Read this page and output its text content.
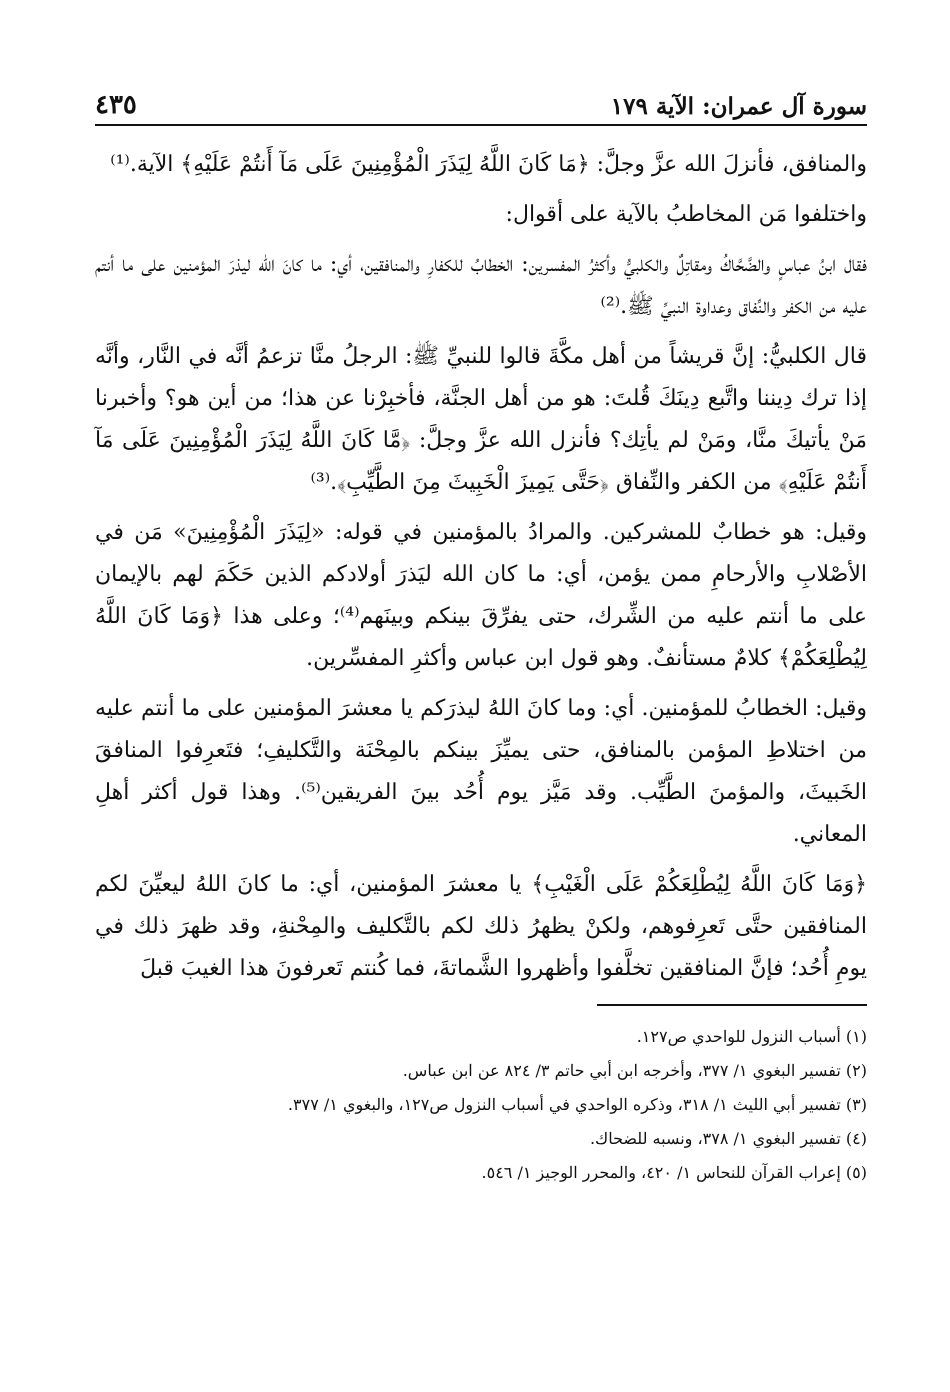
سورة آل عمران: الآية ١٧٩
٤٣٥

والمنافق، فأنزلَ الله عزَّ وجلَّ: ﴿مَا كَانَ اللَّهُ لِيَذَرَ الْمُؤْمِنِينَ عَلَى مَآ أَنتُمْ عَلَيْهِ﴾ الآية.⁽¹⁾

واختلفوا مَن المخاطبُ بالآية على أقوال:

فقال ابنُ عباسٍ والضَّحَّاكُ ومقاتِلٌ والكلبيُّ وأكثرُ المفسرين: الخطابُ للكفارِ والمنافقين، أي: ما كانَ الله ليذرَ المؤمنين على ما أنتم عليه من الكفر والنِّفاق وعداوة النبيِّ ﷺ.⁽²⁾

قال الكلبيُّ: إنَّ قريشاً من أهل مكَّةَ قالوا للنبيِّ ﷺ: الرجلُ منَّا تزعمُ أنَّه في النَّار، وأنَّه إذا ترك دِيننا واتَّبع دِينَكَ قُلتَ: هو من أهل الجنَّة، فأخبِرْنا عن هذا؛ من أين هو؟ وأخبرنا مَنْ يأتيكَ منَّا، ومَنْ لم يأتِك؟ فأنزل الله عزَّ وجلَّ: ﴿مَّا كَانَ اللَّهُ لِيَذَرَ الْمُؤْمِنِينَ عَلَى مَآ أَنتُمْ عَلَيْهِ﴾ من الكفر والنِّفاق ﴿حَتَّى يَمِيزَ الْخَبِيثَ مِنَ الطَّيِّبِ﴾.⁽³⁾

وقيل: هو خطابٌ للمشركين. والمرادُ بالمؤمنين في قوله: «لِيَذَرَ الْمُؤْمِنِينَ» مَن في الأصْلابِ والأرحامِ ممن يؤمن، أي: ما كان الله ليَذرَ أولادكم الذين حَكَمَ لهم بالإيمان على ما أنتم عليه من الشِّرك، حتى يفرِّقَ بينكم وبينَهم⁽⁴⁾؛ وعلى هذا ﴿وَمَا كَانَ اللَّهُ لِيُطْلِعَكُمْ﴾ كلامٌ مستأنفٌ. وهو قول ابن عباس وأكثرِ المفسِّرين.

وقيل: الخطابُ للمؤمنين. أي: وما كانَ اللهُ ليذرَكم يا معشرَ المؤمنين على ما أنتم عليه من اختلاطِ المؤمن بالمنافق، حتى يميِّزَ بينكم بالمِحْنَة والتَّكليفِ؛ فتَعرِفوا المنافقَ الخَبيثَ، والمؤمنَ الطَّيِّب. وقد مَيَّز يوم أُحُد بينَ الفريقين⁽⁵⁾. وهذا قول أكثر أهلِ المعاني.

﴿وَمَا كَانَ اللَّهُ لِيُطْلِعَكُمْ عَلَى الْغَيْبِ﴾ يا معشرَ المؤمنين، أي: ما كانَ اللهُ ليعيِّنَ لكم المنافقين حتَّى تَعرِفوهم، ولكنْ يظهرُ ذلك لكم بالتَّكليف والمِحْنةِ، وقد ظهرَ ذلك في يومِ أُحُد؛ فإنَّ المنافقين تخلَّفوا وأظهروا الشَّماتةَ، فما كُنتم تَعرفونَ هذا الغيبَ قبلَ

(١) أسباب النزول للواحدي ص١٢٧.
(٢) تفسير البغوي ١/ ٣٧٧، وأخرجه ابن أبي حاتم ٣/ ٨٢٤ عن ابن عباس.
(٣) تفسير أبي الليث ١/ ٣١٨، وذكره الواحدي في أسباب النزول ص١٢٧، والبغوي ١/ ٣٧٧.
(٤) تفسير البغوي ١/ ٣٧٨، ونسبه للضحاك.
(٥) إعراب القرآن للنحاس ١/ ٤٢٠، والمحرر الوجيز ١/ ٥٤٦.
